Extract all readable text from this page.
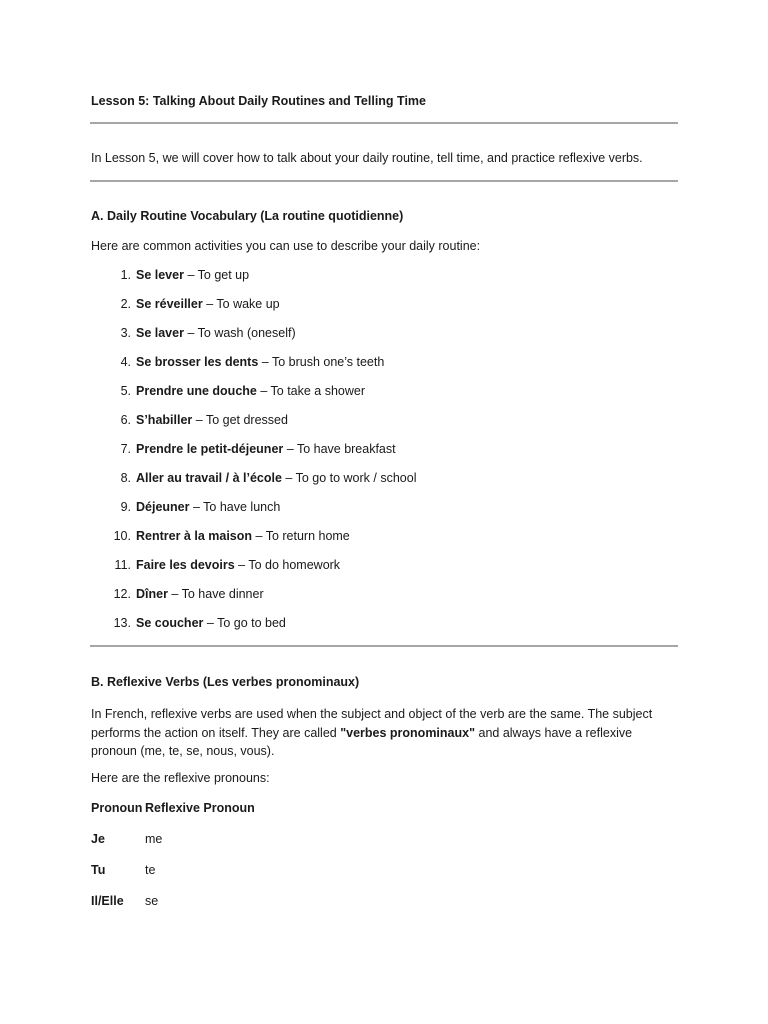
Lesson 5: Talking About Daily Routines and Telling Time
In Lesson 5, we will cover how to talk about your daily routine, tell time, and practice reflexive verbs.
A. Daily Routine Vocabulary (La routine quotidienne)
Here are common activities you can use to describe your daily routine:
1. Se lever – To get up
2. Se réveiller – To wake up
3. Se laver – To wash (oneself)
4. Se brosser les dents – To brush one’s teeth
5. Prendre une douche – To take a shower
6. S’habiller – To get dressed
7. Prendre le petit-déjeuner – To have breakfast
8. Aller au travail / à l’école – To go to work / school
9. Déjeuner – To have lunch
10. Rentrer à la maison – To return home
11. Faire les devoirs – To do homework
12. Dîner – To have dinner
13. Se coucher – To go to bed
B. Reflexive Verbs (Les verbes pronominaux)
In French, reflexive verbs are used when the subject and object of the verb are the same. The subject
performs the action on itself. They are called "verbes pronominaux" and always have a reflexive
pronoun (me, te, se, nous, vous).
Here are the reflexive pronouns:
Pronoun Reflexive Pronoun
Je	me
Tu	te
Il/Elle se
